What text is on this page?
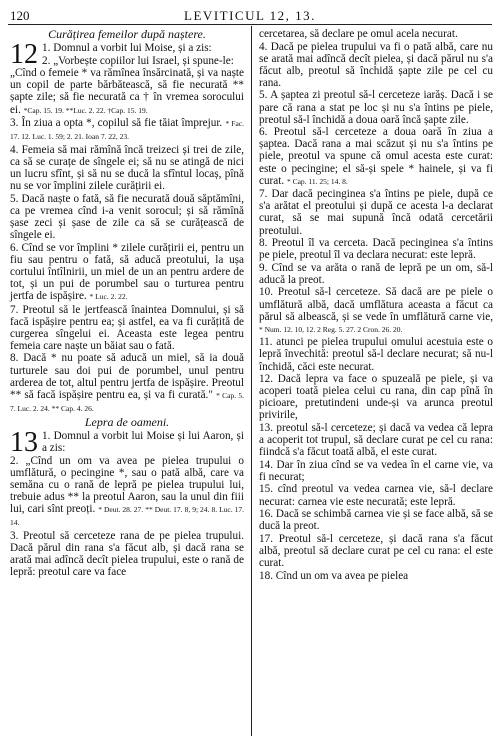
120	LEVITICUL 12, 13.
Curățirea femeilor după naștere.
12 1. Domnul a vorbit lui Moise, și a zis:

2. „Vorbește copiilor lui Israel, și spune-le:

„Cînd o femeie * va rămînea însărcinată, și va naște un copil de parte bărbătească, să fie necurată ** șapte zile; să fie necurată ca † în vremea sorocului ei. *Cap. 15. 19. **Luc. 2. 22. †Cap. 15. 19.

3. În ziua a opta *, copilul să fie tăiat împrejur. * Fac. 17. 12. Luc. 1. 59; 2. 21. Ioan 7. 22, 23.

4. Femeia să mai rămînă încă treizeci și trei de zile, ca să se curațe de sîngele ei; să nu se atingă de nici un lucru sfînt, și să nu se ducă la sfîntul locaș, pînă nu se vor împlini zilele curățirii ei.

5. Dacă naște o fată, să fie necurată două săptămîni, ca pe vremea cînd i-a venit sorocul; și să rămînă șase zeci și șase de zile ca să se curățească de sîngele ei.

6. Cînd se vor împlini * zilele curățirii ei, pentru un fiu sau pentru o fată, să aducă preotului, la ușa cortului întîlnirii, un miel de un an pentru ardere de tot, și un pui de porumbel sau o turturea pentru jertfa de ispășire. * Luc. 2. 22.

7. Preotul să le jertfească înaintea Domnului, și să facă ispășire pentru ea; și astfel, ea va fi curățită de curgerea sîngelui ei. Aceasta este legea pentru femeia care naște un băiat sau o fată.

8. Dacă * nu poate să aducă un miel, să ia două turturele sau doi pui de porumbel, unul pentru arderea de tot, altul pentru jertfa de ispășire. Preotul ** să facă ispășire pentru ea, și va fi curată." * Cap. 5. 7. Luc. 2. 24. ** Cap. 4. 26.

Lepra de oameni.
13 1. Domnul a vorbit lui Moise și lui Aaron, și a zis:

2. „Cînd un om va avea pe pielea trupului o umflătură, o pecingine *, sau o pată albă, care va semăna cu o rană de lepră pe pielea trupului lui, trebuie adus ** la preotul Aaron, sau la unul din fiii lui, cari sînt preoți. * Deut. 28. 27. ** Deut. 17. 8, 9; 24. 8. Luc. 17. 14.

3. Preotul să cerceteze rana de pe pielea trupului. Dacă părul din rana s'a făcut alb, și dacă rana se arată mai adîncă decît pielea trupului, este o rană de lepră: preotul care va face

cercetarea, să declare pe omul acela necurat.

4. Dacă pe pielea trupului va fi o pată albă, care nu se arată mai adîncă decît pielea, și dacă părul nu s'a făcut alb, preotul să închidă șapte zile pe cel cu rana.

5. A șaptea zi preotul să-l cerceteze iarăș. Dacă i se pare că rana a stat pe loc și nu s'a întins pe piele, preotul să-l închidă a doua oară încă șapte zile.

6. Preotul să-l cerceteze a doua oară în ziua a șaptea. Dacă rana a mai scăzut și nu s'a întins pe piele, preotul va spune că omul acesta este curat: este o pecingine; el să-și spele * hainele, și va fi curat. * Cap. 11. 25; 14. 8.

7. Dar dacă pecinginea s'a întins pe piele, după ce s'a arătat el preotului și după ce acesta l-a declarat curat, să se mai supună încă odată cercetării preotului.

8. Preotul îl va cerceta. Dacă pecinginea s'a întins pe piele, preotul îl va declara necurat: este lepră.

9. Cînd se va arăta o rană de lepră pe un om, să-l aducă la preot.

10. Preotul să-l cerceteze. Să dacă are pe piele o umflătură albă, dacă umflătura aceasta a făcut ca părul să albească, și se vede în umflătură carne vie, * Num. 12. 10, 12. 2 Reg. 5. 27. 2 Cron. 26. 20.

11. atunci pe pielea trupului omului acestuia este o lepră învechită: preotul să-l declare necurat; să nu-l închidă, căci este necurat.

12. Dacă lepra va face o spuzeală pe piele, și va acoperi toată pielea celui cu rana, din cap pînă în picioare, pretutindeni unde-și va arunca preotul privirile,

13. preotul să-l cerceteze; și dacă va vedea că lepra a acoperit tot trupul, să declare curat pe cel cu rana: fiindcă s'a făcut toată albă, el este curat.

14. Dar în ziua cînd se va vedea în el carne vie, va fi necurat;

15. cînd preotul va vedea carnea vie, să-l declare necurat: carnea vie este necurată; este lepră.

16. Dacă se schimbă carnea vie și se face albă, să se ducă la preot.

17. Preotul să-l cerceteze, și dacă rana s'a făcut albă, preotul să declare curat pe cel cu rana: el este curat.

18. Cînd un om va avea pe pielea
